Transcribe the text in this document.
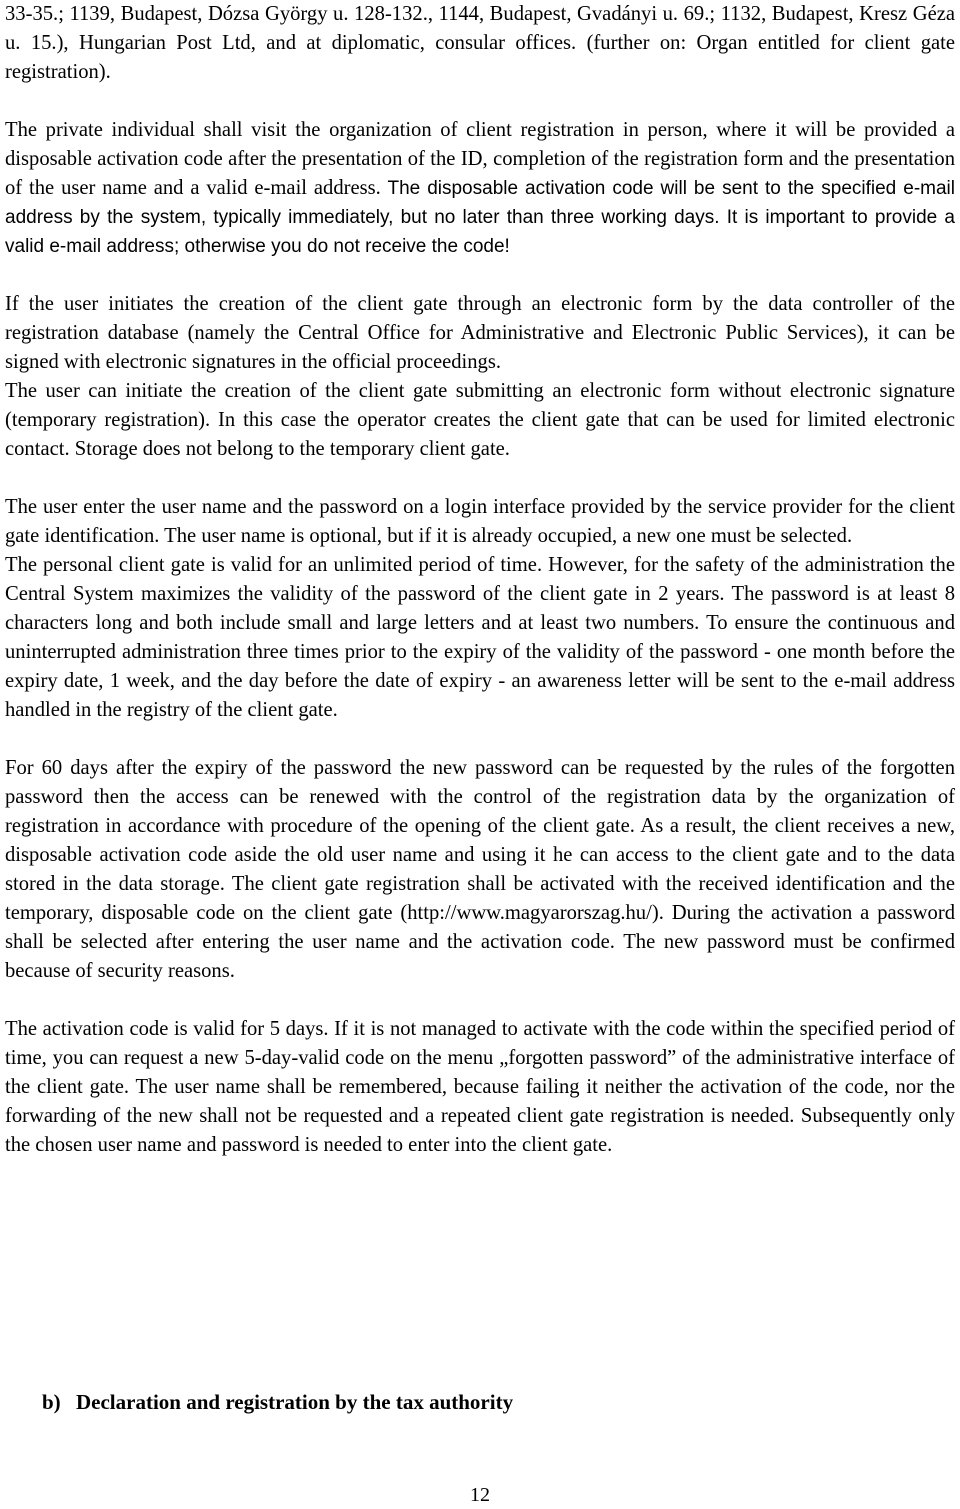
33-35.; 1139, Budapest, Dózsa György u. 128-132., 1144, Budapest, Gvadányi u. 69.; 1132, Budapest, Kresz Géza u. 15.), Hungarian Post Ltd, and at diplomatic, consular offices. (further on: Organ entitled for client gate registration).

The private individual shall visit the organization of client registration in person, where it will be provided a disposable activation code after the presentation of the ID, completion of the registration form and the presentation of the user name and a valid e-mail address. The disposable activation code will be sent to the specified e-mail address by the system, typically immediately, but no later than three working days. It is important to provide a valid e-mail address; otherwise you do not receive the code!

If the user initiates the creation of the client gate through an electronic form by the data controller of the registration database (namely the Central Office for Administrative and Electronic Public Services), it can be signed with electronic signatures in the official proceedings.

The user can initiate the creation of the client gate submitting an electronic form without electronic signature (temporary registration). In this case the operator creates the client gate that can be used for limited electronic contact. Storage does not belong to the temporary client gate.

The user enter the user name and the password on a login interface provided by the service provider for the client gate identification. The user name is optional, but if it is already occupied, a new one must be selected.

The personal client gate is valid for an unlimited period of time. However, for the safety of the administration the Central System maximizes the validity of the password of the client gate in 2 years. The password is at least 8 characters long and both include small and large letters and at least two numbers. To ensure the continuous and uninterrupted administration three times prior to the expiry of the validity of the password - one month before the expiry date, 1 week, and the day before the date of expiry - an awareness letter will be sent to the e-mail address handled in the registry of the client gate.

For 60 days after the expiry of the password the new password can be requested by the rules of the forgotten password then the access can be renewed with the control of the registration data by the organization of registration in accordance with procedure of the opening of the client gate. As a result, the client receives a new, disposable activation code aside the old user name and using it he can access to the client gate and to the data stored in the data storage. The client gate registration shall be activated with the received identification and the temporary, disposable code on the client gate (http://www.magyarorszag.hu/). During the activation a password shall be selected after entering the user name and the activation code. The new password must be confirmed because of security reasons.

The activation code is valid for 5 days. If it is not managed to activate with the code within the specified period of time, you can request a new 5-day-valid code on the menu „forgotten password” of the administrative interface of the client gate. The user name shall be remembered, because failing it neither the activation of the code, nor the forwarding of the new shall not be requested and a repeated client gate registration is needed. Subsequently only the chosen user name and password is needed to enter into the client gate.

b) Declaration and registration by the tax authority

12
